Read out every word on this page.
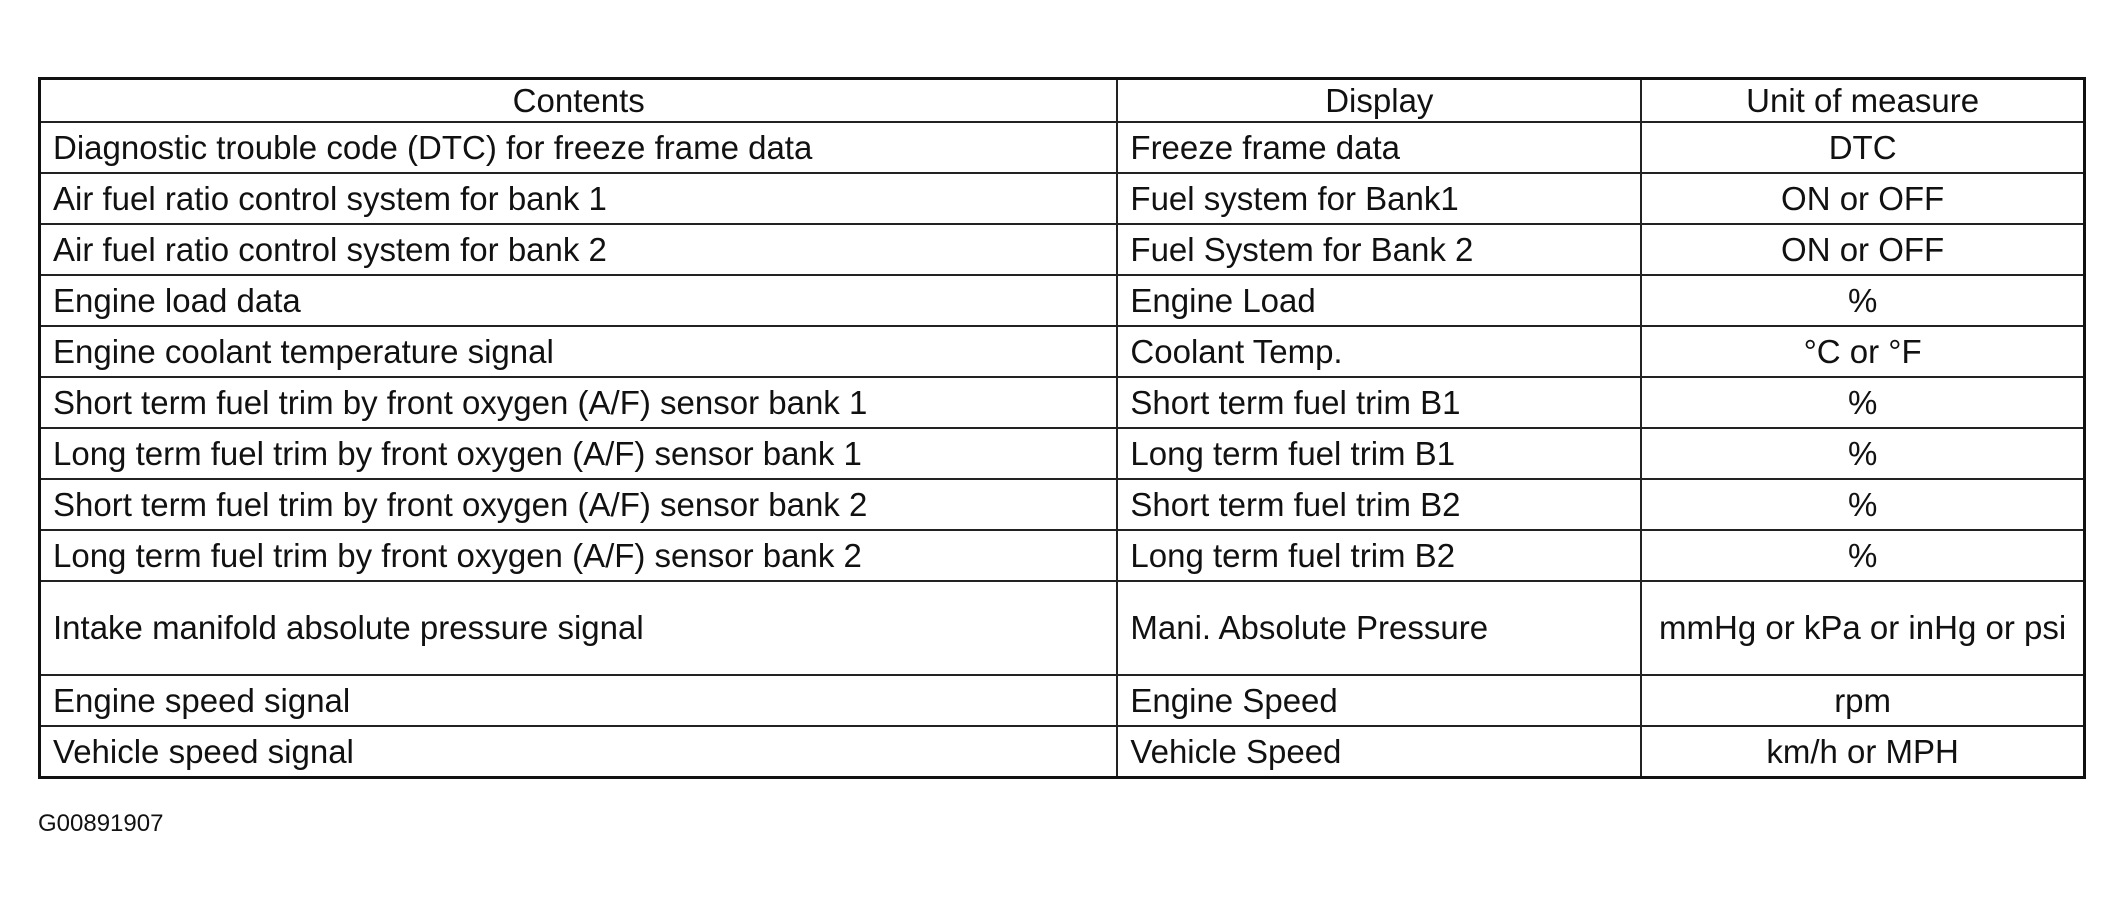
Contents	Display	Unit of measure
Diagnostic trouble code (DTC) for freeze frame data	Freeze frame data	DTC
Air fuel ratio control system for bank 1	Fuel system for Bank1	ON or OFF
Air fuel ratio control system for bank 2	Fuel System for Bank 2	ON or OFF
Engine load data	Engine Load	%
Engine coolant temperature signal	Coolant Temp.	°C or °F
Short term fuel trim by front oxygen (A/F) sensor bank 1	Short term fuel trim B1	%
Long term fuel trim by front oxygen (A/F) sensor bank 1	Long term fuel trim B1	%
Short term fuel trim by front oxygen (A/F) sensor bank 2	Short term fuel trim B2	%
Long term fuel trim by front oxygen (A/F) sensor bank 2	Long term fuel trim B2	%
Intake manifold absolute pressure signal	Mani. Absolute Pressure	mmHg or kPa or inHg or psi
Engine speed signal	Engine Speed	rpm
Vehicle speed signal	Vehicle Speed	km/h or MPH
G00891907
